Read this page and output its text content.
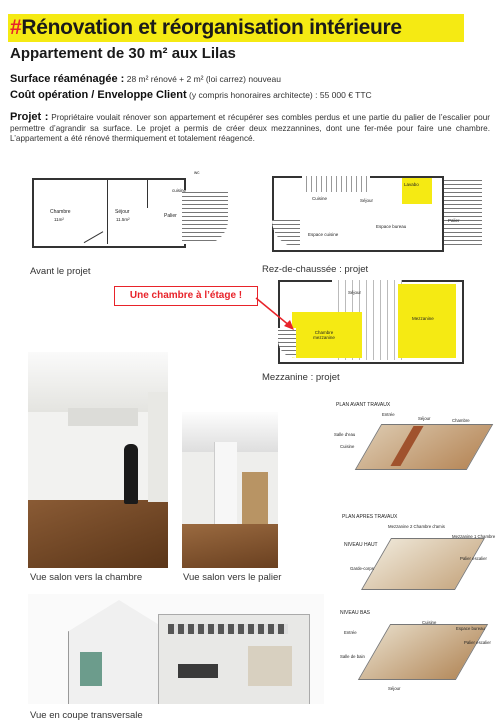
#Rénovation et réorganisation intérieure
Appartement de 30 m² aux Lilas
Surface réaménagée : 28 m² rénové + 2 m² (loi carrez) nouveau
Coût opération / Enveloppe Client (y compris honoraires architecte) : 55 000 € TTC
Projet : Propriétaire voulait rénover son appartement et récupérer ses combles perdus et une partie du palier de l’escalier pour permettre d’agrandir sa surface. Le projet a permis de créer deux mezzannines, dont une fer-mée pour faire une chambre. L’appartement a été rénové thermiquement et totalement réagencé.
Chambre
11m²
Séjour
11.5m²
cuisine
Palier
wc
Avant le projet
Séjour
Cuisine
Palier
Espace bureau
Espace cuisine
Lavabo
Rez-de-chaussée : projet
Séjour
Chambre mezzanine
Mezzanine
Mezzanine : projet
Une chambre à l’étage !
Vue salon vers la chambre	Vue salon vers le palier
Vue en coupe transversale
PLAN AVANT TRAVAUX
Entrée
Séjour	Chambre
Salle d’eau
Cuisine
PLAN APRES TRAVAUX
NIVEAU HAUT
Mezzanine 2 Chambre d’amis
Mezzanine 1 Chambre
Palier escalier
Garde-corps
NIVEAU BAS
Entrée
Cuisine
Espace bureau
Palier escalier
Salle de bain
Séjour
